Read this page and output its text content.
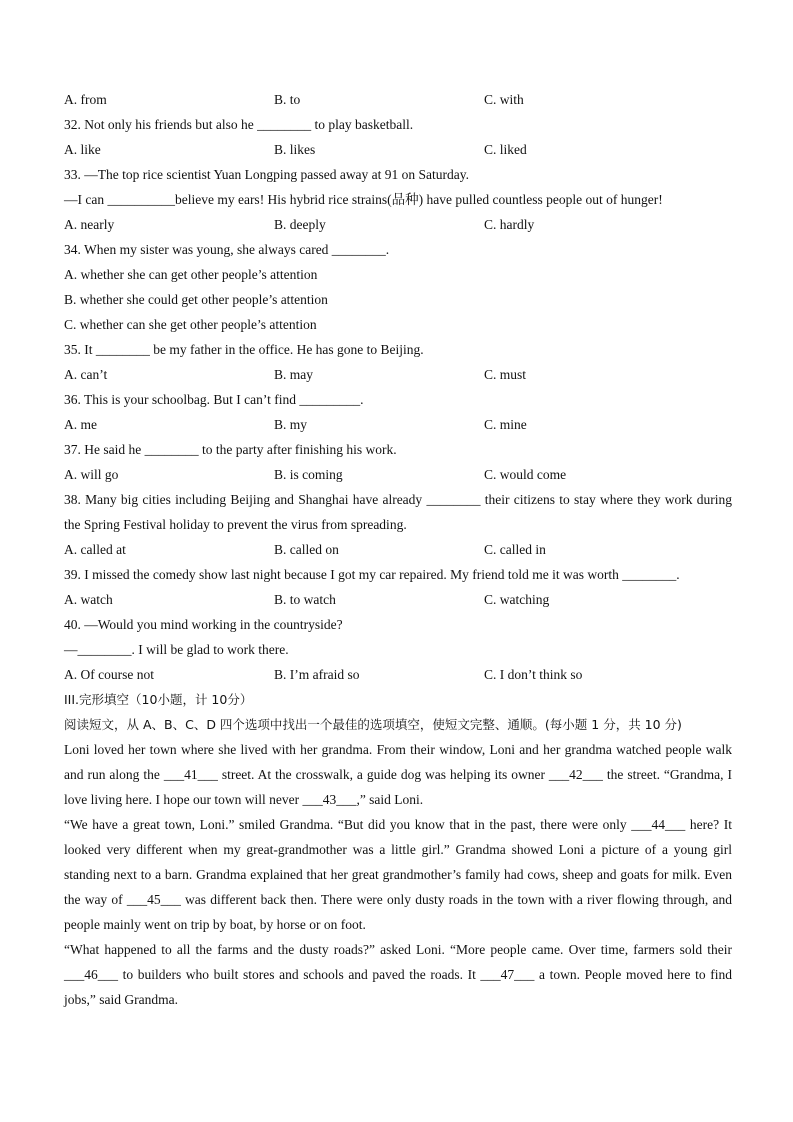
A. from	B. to	C. with
32. Not only his friends but also he ________ to play basketball.
A. like	B. likes	C. liked
33. —The top rice scientist Yuan Longping passed away at 91 on Saturday.
—I can __________believe my ears! His hybrid rice strains(品种) have pulled countless people out of hunger!
A. nearly	B. deeply	C. hardly
34. When my sister was young, she always cared ________.
A. whether she can get other people’s attention
B. whether she could get other people’s attention
C. whether can she get other people’s attention
35. It ________ be my father in the office. He has gone to Beijing.
A. can’t	B. may	C. must
36. This is your schoolbag. But I can’t find _________.
A. me	B. my	C. mine
37. He said he ________ to the party after finishing his work.
A. will go	B. is coming	C. would come
38. Many big cities including Beijing and Shanghai have already ________ their citizens to stay where they work during the Spring Festival holiday to prevent the virus from spreading.
A. called at	B. called on	C. called in
39. I missed the comedy show last night because I got my car repaired. My friend told me it was worth ________.
A. watch	B. to watch	C. watching
40. —Would you mind working in the countryside?
—________. I will be glad to work there.
A. Of course not	B. I’m afraid so	C. I don’t think so
III.完形填空（10小题，计 10分）
阅读短文，从 A、B、C、D 四个选项中找出一个最佳的选项填空，使短文完整、通顺。(每小题 1 分，共 10 分)
Loni loved her town where she lived with her grandma. From their window, Loni and her grandma watched people walk and run along the ___41___ street. At the crosswalk, a guide dog was helping its owner ___42___ the street. “Grandma, I love living here. I hope our town will never ___43___,” said Loni.
“We have a great town, Loni.” smiled Grandma. “But did you know that in the past, there were only ___44___ here? It looked very different when my great-grandmother was a little girl.” Grandma showed Loni a picture of a young girl standing next to a barn. Grandma explained that her great grandmother’s family had cows, sheep and goats for milk. Even the way of ___45___ was different back then. There were only dusty roads in the town with a river flowing through, and people mainly went on trip by boat, by horse or on foot.
“What happened to all the farms and the dusty roads?” asked Loni. “More people came. Over time, farmers sold their ___46___ to builders who built stores and schools and paved the roads. It ___47___ a town. People moved here to find jobs,” said Grandma.
